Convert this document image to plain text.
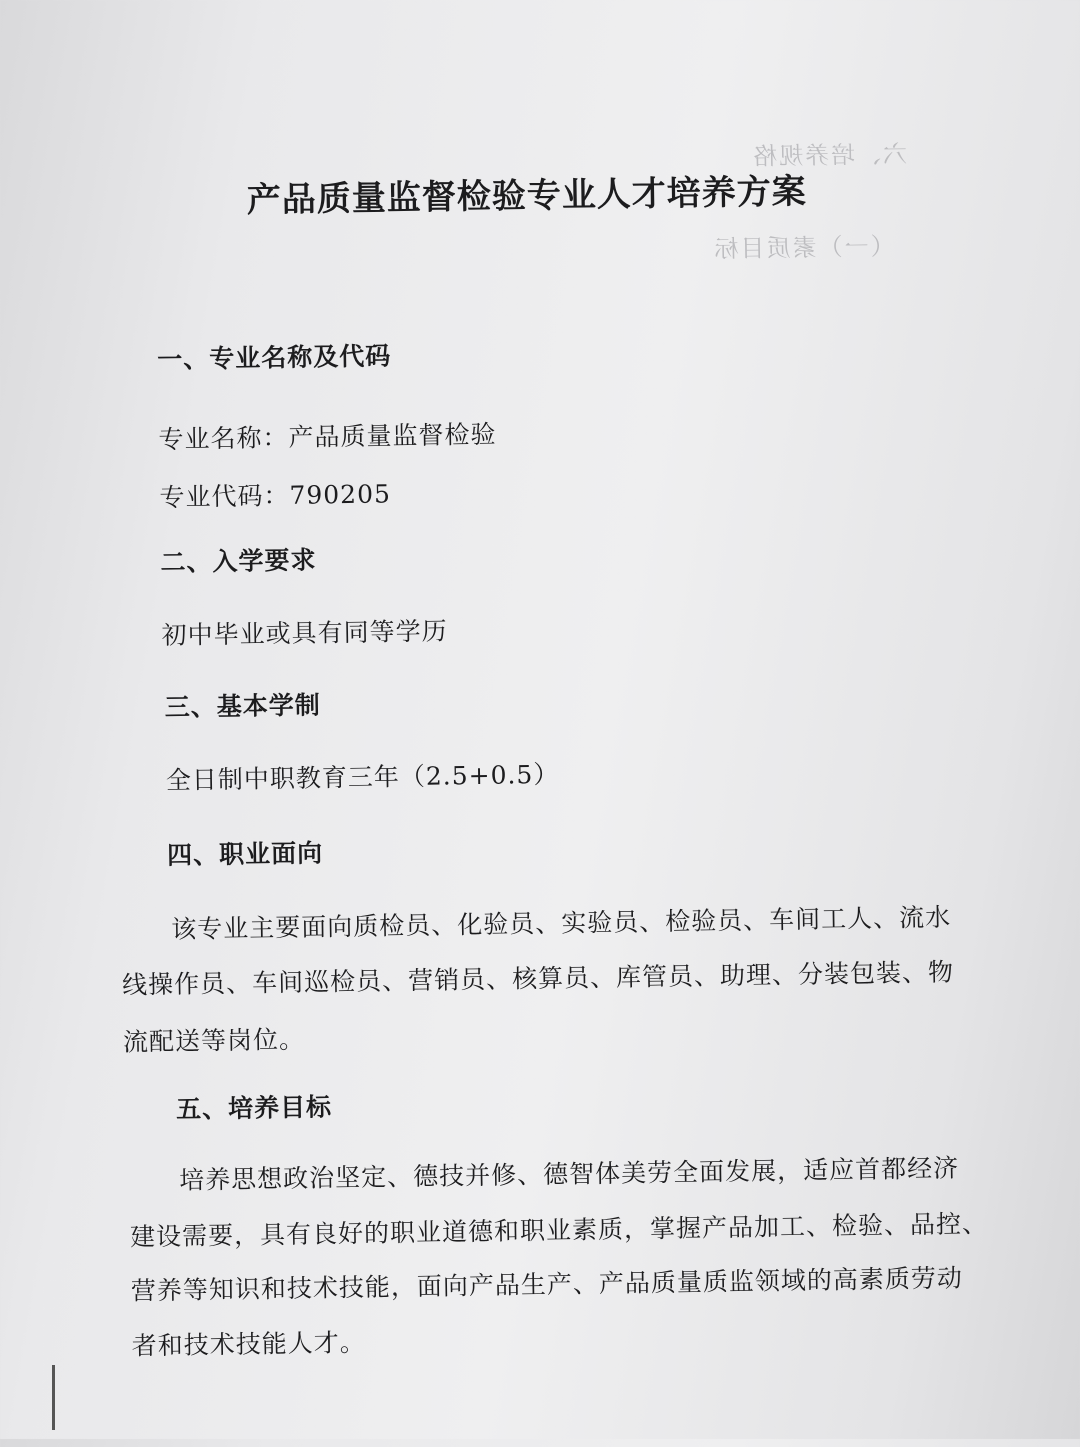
六、培养规格
（一）素质目标
产品质量监督检验专业人才培养方案
一、专业名称及代码
专业名称：产品质量监督检验
专业代码：790205
二、入学要求
初中毕业或具有同等学历
三、基本学制
全日制中职教育三年（2.5+0.5）
四、职业面向
该专业主要面向质检员、化验员、实验员、检验员、车间工人、流水
线操作员、车间巡检员、营销员、核算员、库管员、助理、分装包装、物
流配送等岗位。
五、培养目标
培养思想政治坚定、德技并修、德智体美劳全面发展，适应首都经济
建设需要，具有良好的职业道德和职业素质，掌握产品加工、检验、品控、
营养等知识和技术技能，面向产品生产、产品质量质监领域的高素质劳动
者和技术技能人才。
